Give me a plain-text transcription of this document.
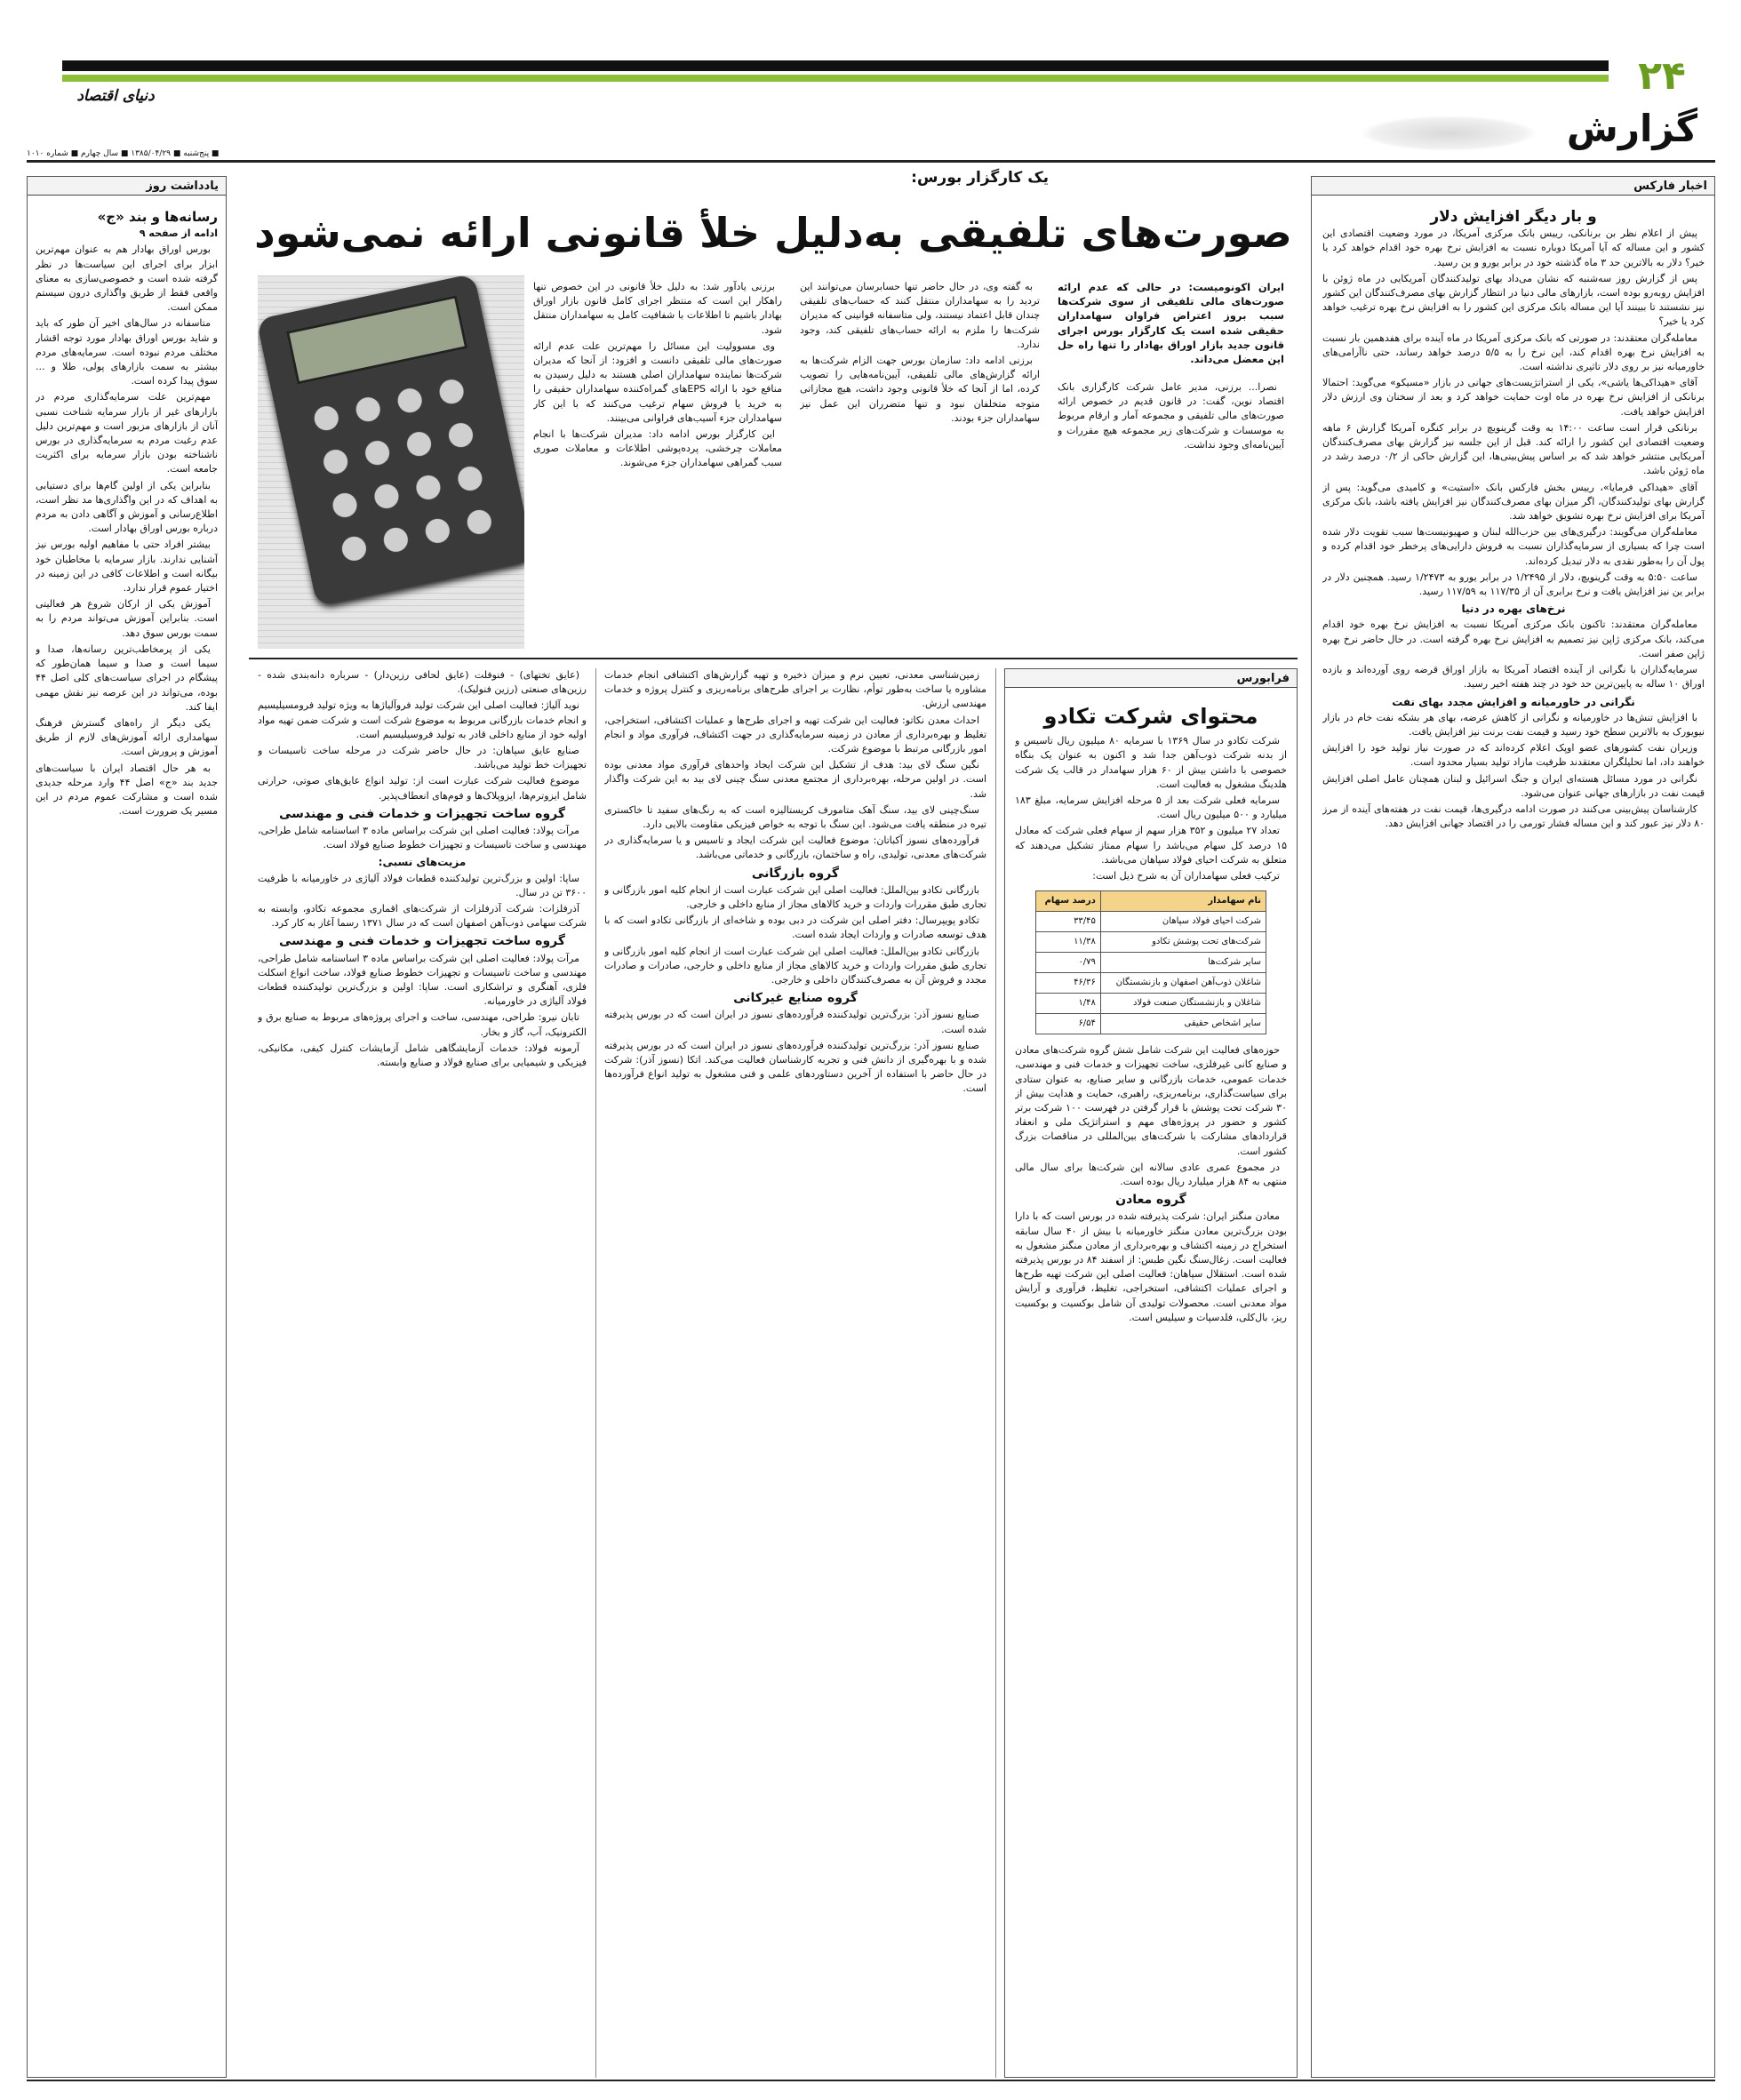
۲۴
دنیای اقتصاد
گزارش
■ پنج‌شنبه ■ ۱۳۸۵/۰۴/۲۹ ■ سال چهارم ■ شماره ۱۰۱۰
اخبار فارکس
و بار دیگر افزایش دلار

پیش از اعلام نظر بن برنانکی، رییس بانک مرکزی آمریکا، در مورد وضعیت اقتصادی این کشور و این مساله که آیا آمریکا دوباره نسبت به افزایش نرخ بهره خود اقدام خواهد کرد یا خیر؟ دلار به بالاترین حد ۳ ماه گذشته خود در برابر یورو و ین رسید.

پس از گزارش روز سه‌شنبه که نشان می‌داد بهای تولیدکنندگان آمریکایی در ماه ژوئن با افزایش روبه‌رو بوده است، بازارهای مالی دنیا در انتظار گزارش بهای مصرف‌کنندگان این کشور نیز نشستند تا ببینند آیا این مساله بانک مرکزی این کشور را به افزایش نرخ بهره ترغیب خواهد کرد یا خیر؟

معامله‌گران معتقدند: در صورتی که بانک مرکزی آمریکا در ماه آینده برای هفدهمین بار نسبت به افزایش نرخ بهره اقدام کند، این نرخ را به ۵/۵ درصد خواهد رساند، حتی ناآرامی‌های خاورمیانه نیز بر روی دلار تاثیری نداشته است.

آقای «هیداکی‌ها یاشی»، یکی از استراتژیست‌های جهانی در بازار «مسیکو» می‌گوید: احتمالا برنانکی از افزایش نرخ بهره در ماه اوت حمایت خواهد کرد و بعد از سخنان وی ارزش دلار افزایش خواهد یافت.

برنانکی قرار است ساعت ۱۴:۰۰ به وقت گرینویچ در برابر کنگره آمریکا گزارش ۶ ماهه وضعیت اقتصادی این کشور را ارائه کند. قبل از این جلسه نیز گزارش بهای مصرف‌کنندگان آمریکایی منتشر خواهد شد که بر اساس پیش‌بینی‌ها، این گزارش حاکی از ۰/۲ درصد رشد در ماه ژوئن باشد.

آقای «هیداکی فرمایا»، رییس بخش فارکس بانک «استیت» و کامیدی می‌گوید: پس از گزارش بهای تولیدکنندگان، اگر میزان بهای مصرف‌کنندگان نیز افزایش یافته باشد، بانک مرکزی آمریکا برای افزایش نرخ بهره تشویق خواهد شد.

معامله‌گران می‌گویند: درگیری‌های بین حزب‌الله لبنان و صهیونیست‌ها سبب تقویت دلار شده است چرا که بسیاری از سرمایه‌گذاران نسبت به فروش دارایی‌های پرخطر خود اقدام کرده و پول آن را به‌طور نقدی به دلار تبدیل کرده‌اند.

ساعت ۵:۵۰ به وقت گرینویچ، دلار از ۱/۲۴۹۵ در برابر یورو به ۱/۲۴۷۳ رسید. همچنین دلار در برابر ین نیز افزایش یافت و نرخ برابری آن از ۱۱۷/۳۵ به ۱۱۷/۵۹ رسید.

نرخ‌های بهره در دنیا

معامله‌گران معتقدند: تاکنون بانک مرکزی آمریکا نسبت به افزایش نرخ بهره خود اقدام می‌کند، بانک مرکزی ژاپن نیز تصمیم به افزایش نرخ بهره گرفته است. در حال حاضر نرخ بهره ژاپن صفر است.

سرمایه‌گذاران با نگرانی از آینده اقتصاد آمریکا به بازار اوراق قرضه روی آورده‌اند و بازده اوراق ۱۰ ساله به پایین‌ترین حد خود در چند هفته اخیر رسید.

نگرانی در خاورمیانه و افزایش مجدد بهای نفت

با افزایش تنش‌ها در خاورمیانه و نگرانی از کاهش عرضه، بهای هر بشکه نفت خام در بازار نیویورک به بالاترین سطح خود رسید و قیمت نفت برنت نیز افزایش یافت.

وزیران نفت کشورهای عضو اوپک اعلام کرده‌اند که در صورت نیاز تولید خود را افزایش خواهند داد، اما تحلیلگران معتقدند ظرفیت مازاد تولید بسیار محدود است.

نگرانی در مورد مسائل هسته‌ای ایران و جنگ اسرائیل و لبنان همچنان عامل اصلی افزایش قیمت نفت در بازارهای جهانی عنوان می‌شود.

کارشناسان پیش‌بینی می‌کنند در صورت ادامه درگیری‌ها، قیمت نفت در هفته‌های آینده از مرز ۸۰ دلار نیز عبور کند و این مساله فشار تورمی را در اقتصاد جهانی افزایش دهد.

یادداشت روز
رسانه‌ها و بند «ج»
ادامه از صفحه ۹

بورس اوراق بهادار هم به عنوان مهم‌ترین ابزار برای اجرای این سیاست‌ها در نظر گرفته شده است و خصوصی‌سازی به معنای واقعی فقط از طریق واگذاری درون سیستم ممکن است.

متاسفانه در سال‌های اخیر آن طور که باید و شاید بورس اوراق بهادار مورد توجه اقشار مختلف مردم نبوده است. سرمایه‌های مردم بیشتر به سمت بازارهای پولی، طلا و ... سوق پیدا کرده است.

مهم‌ترین علت سرمایه‌گذاری مردم در بازارهای غیر از بازار سرمایه شناخت نسبی آنان از بازارهای مزبور است و مهم‌ترین دلیل عدم رغبت مردم به سرمایه‌گذاری در بورس ناشناخته بودن بازار سرمایه برای اکثریت جامعه است.

بنابراین یکی از اولین گام‌ها برای دستیابی به اهداف که در این واگذاری‌ها مد نظر است، اطلاع‌رسانی و آموزش و آگاهی دادن به مردم درباره بورس اوراق بهادار است.

بیشتر افراد حتی با مفاهیم اولیه بورس نیز آشنایی ندارند. بازار سرمایه با مخاطبان خود بیگانه است و اطلاعات کافی در این زمینه در اختیار عموم قرار ندارد.

آموزش یکی از ارکان شروع هر فعالیتی است. بنابراین آموزش می‌تواند مردم را به سمت بورس سوق دهد.

یکی از پرمخاطب‌ترین رسانه‌ها، صدا و سیما است و صدا و سیما همان‌طور که پیشگام در اجرای سیاست‌های کلی اصل ۴۴ بوده، می‌تواند در این عرصه نیز نقش مهمی ایفا کند.

یکی دیگر از راه‌های گسترش فرهنگ سهامداری ارائه آموزش‌های لازم از طریق آموزش و پرورش است.

به هر حال اقتصاد ایران با سیاست‌های جدید بند «ج» اصل ۴۴ وارد مرحله جدیدی شده است و مشارکت عموم مردم در این مسیر یک ضرورت است.

یک کارگزار بورس:
صورت‌های تلفیقی به‌دلیل خلأ قانونی ارائه نمی‌شود

ایران اکونومیست: در حالی که عدم ارائه صورت‌های مالی تلفیقی از سوی شرکت‌ها سبب بروز اعتراض فراوان سهامداران حقیقی شده است یک کارگزار بورس اجرای قانون جدید بازار اوراق بهادار را تنها راه حل این معضل می‌داند.

نصرا... برزنی، مدیر عامل شرکت کارگزاری بانک اقتصاد نوین، گفت: در قانون قدیم در خصوص ارائه صورت‌های مالی تلفیقی و مجموعه آمار و ارقام مربوط به موسسات و شرکت‌های زیر مجموعه هیچ مقررات و آیین‌نامه‌ای وجود نداشت.

به گفته وی، در حال حاضر تنها حسابرسان می‌توانند این تردید را به سهامداران منتقل کنند که حساب‌های تلفیقی چندان قابل اعتماد نیستند، ولی متاسفانه قوانینی که مدیران شرکت‌ها را ملزم به ارائه حساب‌های تلفیقی کند، وجود ندارد.

برزنی ادامه داد: سازمان بورس جهت الزام شرکت‌ها به ارائه گزارش‌های مالی تلفیقی، آیین‌نامه‌هایی را تصویب کرده، اما از آنجا که خلأ قانونی وجود داشت، هیچ مجازاتی متوجه متخلفان نبود و تنها متضرران این عمل نیز سهامداران جزء بودند.

برزنی یادآور شد: به دلیل خلأ قانونی در این خصوص تنها راهکار این است که منتظر اجرای کامل قانون بازار اوراق بهادار باشیم تا اطلاعات با شفافیت کامل به سهامداران منتقل شود.

وی مسوولیت این مسائل را مهم‌ترین علت عدم ارائه صورت‌های مالی تلفیقی دانست و افزود: از آنجا که مدیران شرکت‌ها نماینده سهامداران اصلی هستند به دلیل رسیدن به منافع خود با ارائه EPS‌های گمراه‌کننده سهامداران حقیقی را به خرید یا فروش سهام ترغیب می‌کنند که با این کار سهامداران جزء آسیب‌های فراوانی می‌بینند.

این کارگزار بورس ادامه داد: مدیران شرکت‌ها با انجام معاملات چرخشی، پرده‌پوشی اطلاعات و معاملات صوری سبب گمراهی سهامداران جزء می‌شوند.

فرابورس
محتوای شرکت تکادو

شرکت تکادو در سال ۱۳۶۹ با سرمایه ۸۰ میلیون ریال تاسیس و از بدنه شرکت ذوب‌آهن جدا شد و اکنون به عنوان یک بنگاه خصوصی با داشتن بیش از ۶۰ هزار سهامدار در قالب یک شرکت هلدینگ مشغول به فعالیت است.

سرمایه فعلی شرکت بعد از ۵ مرحله افزایش سرمایه، مبلغ ۱۸۳ میلیارد و ۵۰۰ میلیون ریال است.

تعداد ۲۷ میلیون و ۳۵۲ هزار سهم از سهام فعلی شرکت که معادل ۱۵ درصد کل سهام می‌باشد را سهام ممتاز تشکیل می‌دهند که متعلق به شرکت احیای فولاد سپاهان می‌باشد.

ترکیب فعلی سهامداران آن به شرح ذیل است:

نام سهامدار	درصد سهام
شرکت احیای فولاد سپاهان	۳۳/۴۵
شرکت‌های تحت پوشش تکادو	۱۱/۳۸
سایر شرکت‌ها	۰/۷۹
شاغلان ذوب‌آهن اصفهان و بازنشستگان	۴۶/۳۶
شاغلان و بازنشستگان صنعت فولاد	۱/۴۸
سایر اشخاص حقیقی	۶/۵۴

حوزه‌های فعالیت این شرکت شامل شش گروه شرکت‌های معادن و صنایع کانی غیرفلزی، ساخت تجهیزات و خدمات فنی و مهندسی، خدمات عمومی، خدمات بازرگانی و سایر صنایع، به عنوان ستادی برای سیاست‌گذاری، برنامه‌ریزی، راهبری، حمایت و هدایت بیش از ۳۰ شرکت تحت پوشش با قرار گرفتن در فهرست ۱۰۰ شرکت برتر کشور و حضور در پروژه‌های مهم و استراتژیک ملی و انعقاد قراردادهای مشارکت با شرکت‌های بین‌المللی در مناقصات بزرگ کشور است.

در مجموع عمری عادی سالانه این شرکت‌ها برای سال مالی منتهی به ۸۴ هزار میلیارد ریال بوده است.

گروه معادن

معادن منگنز ایران: شرکت پذیرفته شده در بورس است که با دارا بودن بزرگ‌ترین معادن منگنز خاورمیانه با بیش از ۴۰ سال سابقه استخراج در زمینه اکتشاف و بهره‌برداری از معادن منگنز مشغول به فعالیت است. زغال‌سنگ نگین طبس: از اسفند ۸۴ در بورس پذیرفته شده است. استقلال سپاهان: فعالیت اصلی این شرکت تهیه طرح‌ها و اجرای عملیات اکتشافی، استخراجی، تغلیظ، فرآوری و آرایش مواد معدنی است. محصولات تولیدی آن شامل بوکسیت و بوکسیت ریز، بال‌کلی، فلدسپات و سیلیس است.

زمین‌شناسی معدنی، تعیین نرم و میزان ذخیره و تهیه گزارش‌های اکتشافی انجام خدمات مشاوره یا ساخت به‌طور توأم، نظارت بر اجرای طرح‌های برنامه‌ریزی و کنترل پروژه و خدمات مهندسی ارزش.

احداث معدن نکاتو: فعالیت این شرکت تهیه و اجرای طرح‌ها و عملیات اکتشافی، استخراجی، تغلیظ و بهره‌برداری از معادن در زمینه سرمایه‌گذاری در جهت اکتشاف، فرآوری مواد و انجام امور بازرگانی مرتبط با موضوع شرکت.

نگین سنگ لای بید: هدف از تشکیل این شرکت ایجاد واحد‌های فرآوری مواد معدنی بوده است. در اولین مرحله، بهره‌برداری از مجتمع معدنی سنگ چینی لای بید به این شرکت واگذار شد.

سنگ‌چینی لای بید، سنگ آهک متامورف کریستالیزه است که به رنگ‌های سفید تا خاکستری تیره در منطقه یافت می‌شود. این سنگ با توجه به خواص فیزیکی مقاومت بالایی دارد.

فرآورده‌های نسوز آکباتان: موضوع فعالیت این شرکت ایجاد و تاسیس و یا سرمایه‌گذاری در شرکت‌های معدنی، تولیدی، راه و ساختمان، بازرگانی و خدماتی می‌باشد.

گروه بازرگانی

بازرگانی تکادو بین‌الملل: فعالیت اصلی این شرکت عبارت است از انجام کلیه امور بازرگانی و تجاری طبق مقررات واردات و خرید کالاهای مجاز از منابع داخلی و خارجی.

تکادو پویپرسال: دفتر اصلی این شرکت در دبی بوده و شاخه‌ای از بازرگانی تکادو است که با هدف توسعه صادرات و واردات ایجاد شده است.

بازرگانی تکادو بین‌الملل: فعالیت اصلی این شرکت عبارت است از انجام کلیه امور بازرگانی و تجاری طبق مقررات واردات و خرید کالاهای مجاز از منابع داخلی و خارجی، صادرات و صادرات مجدد و فروش آن به مصرف‌کنندگان داخلی و خارجی.

گروه صنایع غیرکانی

صنایع نسوز آذر: بزرگ‌ترین تولیدکننده فرآورده‌های نسوز در ایران است که در بورس پذیرفته شده است.

صنایع نسوز آذر: بزرگ‌ترین تولیدکننده فرآورده‌های نسوز در ایران است که در بورس پذیرفته شده و با بهره‌گیری از دانش فنی و تجربه کارشناسان فعالیت می‌کند. اتکا (نسوز آذر): شرکت در حال حاضر با استفاده از آخرین دستاوردهای علمی و فنی مشغول به تولید انواع فرآورده‌ها است.

(عایق تختهای) - فنوفلت (عایق لحافی رزین‌دار) - سرباره دانه‌بندی شده - رزین‌های صنعتی (رزین فنولیک).

نوید آلیاژ: فعالیت اصلی این شرکت تولید فروآلیاژها به ویژه تولید فرومسیلیسیم و انجام خدمات بازرگانی مربوط به موضوع شرکت است و شرکت ضمن تهیه مواد اولیه خود از منابع داخلی قادر به تولید فروسیلیسیم است.

صنایع عایق سپاهان: در حال حاضر شرکت در مرحله ساخت تاسیسات و تجهیزات خط تولید می‌باشد.

موضوع فعالیت شرکت عبارت است از: تولید انواع عایق‌های صوتی، حرارتی شامل ایزوترم‌ها، ایزوپلاک‌ها و فوم‌های انعطاف‌پذیر.

گروه ساخت تجهیزات و خدمات فنی و مهندسی

مرآت پولاد: فعالیت اصلی این شرکت براساس ماده ۳ اساسنامه شامل طراحی، مهندسی و ساخت تاسیسات و تجهیزات خطوط صنایع فولاد است.

مزیت‌های نسبی:

ساپا: اولین و بزرگ‌ترین تولیدکننده قطعات فولاد آلیاژی در خاورمیانه با ظرفیت ۳۶۰۰ تن در سال.

آذرفلزات: شرکت آذرفلزات از شرکت‌های اقماری مجموعه تکادو، وابسته به شرکت سهامی ذوب‌آهن اصفهان است که در سال ۱۳۷۱ رسما آغاز به کار کرد.

گروه ساخت تجهیزات و خدمات فنی و مهندسی

مرآت پولاد: فعالیت اصلی این شرکت براساس ماده ۳ اساسنامه شامل طراحی، مهندسی و ساخت تاسیسات و تجهیزات خطوط صنایع فولاد، ساخت انواع اسکلت فلزی، آهنگری و تراشکاری است. ساپا: اولین و بزرگ‌ترین تولیدکننده قطعات فولاد آلیاژی در خاورمیانه.

تابان نیرو: طراحی، مهندسی، ساخت و اجرای پروژه‌های مربوط به صنایع برق و الکترونیک، آب، گاز و بخار.

آرمونه فولاد: خدمات آزمایشگاهی شامل آزمایشات کنترل کیفی، مکانیکی، فیزیکی و شیمیایی برای صنایع فولاد و صنایع وابسته.
